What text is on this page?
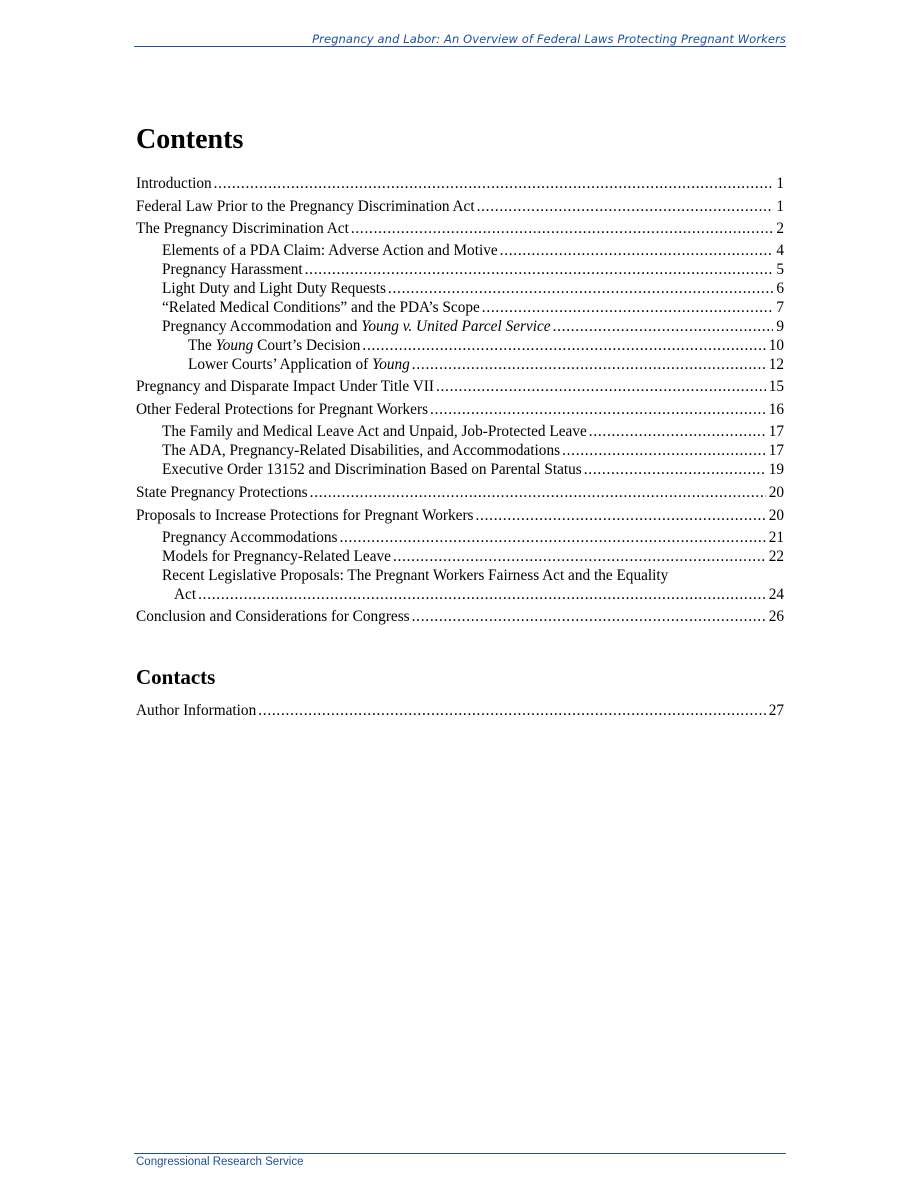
Pregnancy and Labor: An Overview of Federal Laws Protecting Pregnant Workers
Contents
Introduction . . .	1
Federal Law Prior to the Pregnancy Discrimination Act . . .	1
The Pregnancy Discrimination Act . . .	2
Elements of a PDA Claim: Adverse Action and Motive . . .	4
Pregnancy Harassment . . .	5
Light Duty and Light Duty Requests . . .	6
“Related Medical Conditions” and the PDA’s Scope . . .	7
Pregnancy Accommodation and Young v. United Parcel Service . . .	9
The Young Court’s Decision . . .	10
Lower Courts’ Application of Young . . .	12
Pregnancy and Disparate Impact Under Title VII . . .	15
Other Federal Protections for Pregnant Workers . . .	16
The Family and Medical Leave Act and Unpaid, Job-Protected Leave . . .	17
The ADA, Pregnancy-Related Disabilities, and Accommodations . . .	17
Executive Order 13152 and Discrimination Based on Parental Status . . .	19
State Pregnancy Protections . . .	20
Proposals to Increase Protections for Pregnant Workers . . .	20
Pregnancy Accommodations . . .	21
Models for Pregnancy-Related Leave . . .	22
Recent Legislative Proposals: The Pregnant Workers Fairness Act and the Equality
Act . . .	24
Conclusion and Considerations for Congress . . .	26
Author Information . . .	27
Contacts
Congressional Research Service
